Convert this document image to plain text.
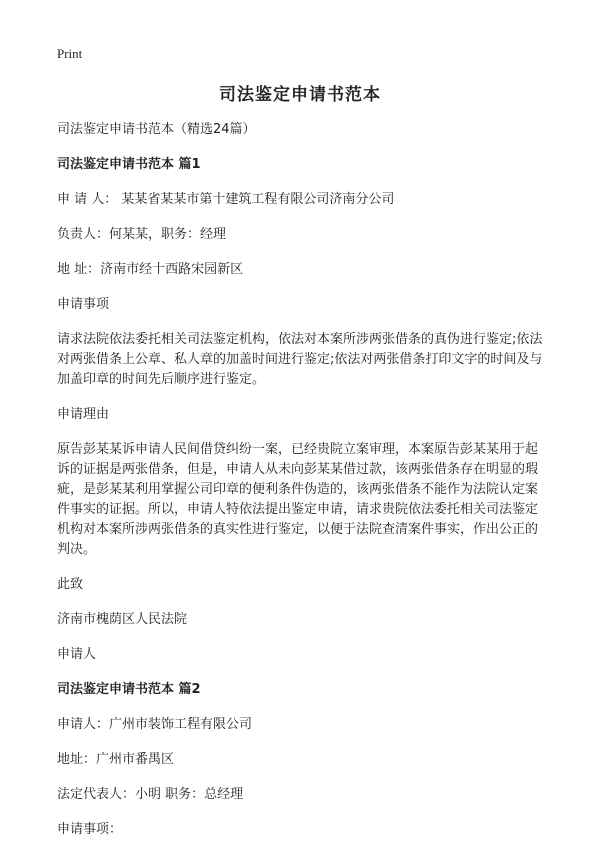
Print
司法鉴定申请书范本

司法鉴定申请书范本（精选24篇）

司法鉴定申请书范本 篇1

申 请 人： 某某省某某市第十建筑工程有限公司济南分公司

负责人：何某某，职务：经理

地 址：济南市经十西路宋园新区

申请事项

请求法院依法委托相关司法鉴定机构，依法对本案所涉两张借条的真伪进行鉴定;依法对两张借条上公章、私人章的加盖时间进行鉴定;依法对两张借条打印文字的时间及与加盖印章的时间先后顺序进行鉴定。

申请理由

原告彭某某诉申请人民间借贷纠纷一案，已经贵院立案审理，本案原告彭某某用于起诉的证据是两张借条，但是，申请人从未向彭某某借过款，该两张借条存在明显的瑕疵，是彭某某利用掌握公司印章的便利条件伪造的，该两张借条不能作为法院认定案件事实的证据。所以，申请人特依法提出鉴定申请，请求贵院依法委托相关司法鉴定机构对本案所涉两张借条的真实性进行鉴定，以便于法院查清案件事实，作出公正的判决。

此致

济南市槐荫区人民法院

申请人

司法鉴定申请书范本 篇2

申请人：广州市装饰工程有限公司

地址：广州市番禺区

法定代表人：小明 职务：总经理

申请事项：
